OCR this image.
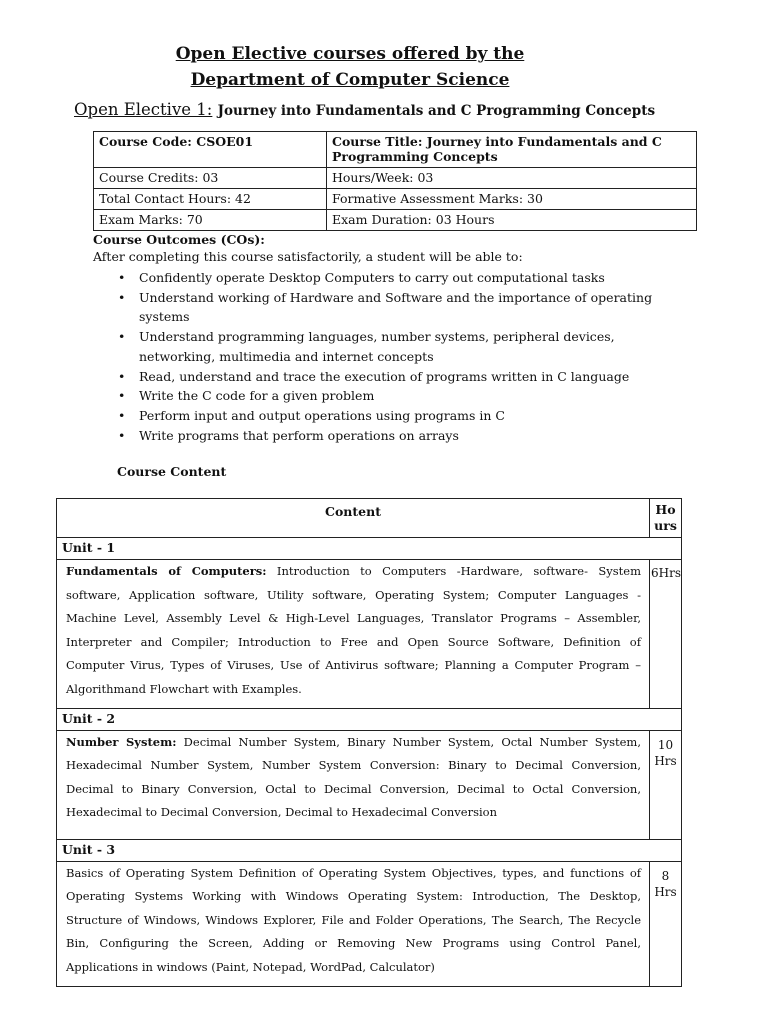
Open Elective courses offered by the
Department of Computer Science
Open Elective 1: Journey into Fundamentals and C Programming Concepts
Course Code: CSOE01	Course Title: Journey into Fundamentals and C Programming Concepts
Course Credits: 03	Hours/Week: 03
Total Contact Hours: 42	Formative Assessment Marks: 30
Exam Marks: 70	Exam Duration: 03 Hours
Course Outcomes (COs):
After completing this course satisfactorily, a student will be able to:
• Confidently operate Desktop Computers to carry out computational tasks
• Understand working of Hardware and Software and the importance of operating systems
• Understand programming languages, number systems, peripheral devices, networking, multimedia and internet concepts
• Read, understand and trace the execution of programs written in C language
• Write the C code for a given problem
• Perform input and output operations using programs in C
• Write programs that perform operations on arrays
Course Content
Content	Ho
urs
Unit - 1	
Fundamentals of Computers: Introduction to Computers -Hardware, software- System software, Application software, Utility software, Operating System; Computer Languages - Machine Level, Assembly Level & High-Level Languages, Translator Programs – Assembler, Interpreter and Compiler; Introduction to Free and Open Source Software, Definition of Computer Virus, Types of Viruses, Use of Antivirus software; Planning a Computer Program – Algorithmand Flowchart with Examples.	6Hrs
Unit - 2	
Number System: Decimal Number System, Binary Number System, Octal Number System, Hexadecimal Number System, Number System Conversion: Binary to Decimal Conversion, Decimal to Binary Conversion, Octal to Decimal Conversion, Decimal to Octal Conversion, Hexadecimal to Decimal Conversion, Decimal to Hexadecimal Conversion	10
Hrs
Unit - 3	
Basics of Operating System Definition of Operating System Objectives, types, and functions of Operating Systems Working with Windows Operating System: Introduction, The Desktop, Structure of Windows, Windows Explorer, File and Folder Operations, The Search, The Recycle Bin, Configuring the Screen, Adding or Removing New Programs using Control Panel, Applications in windows (Paint, Notepad, WordPad, Calculator)	8
Hrs
